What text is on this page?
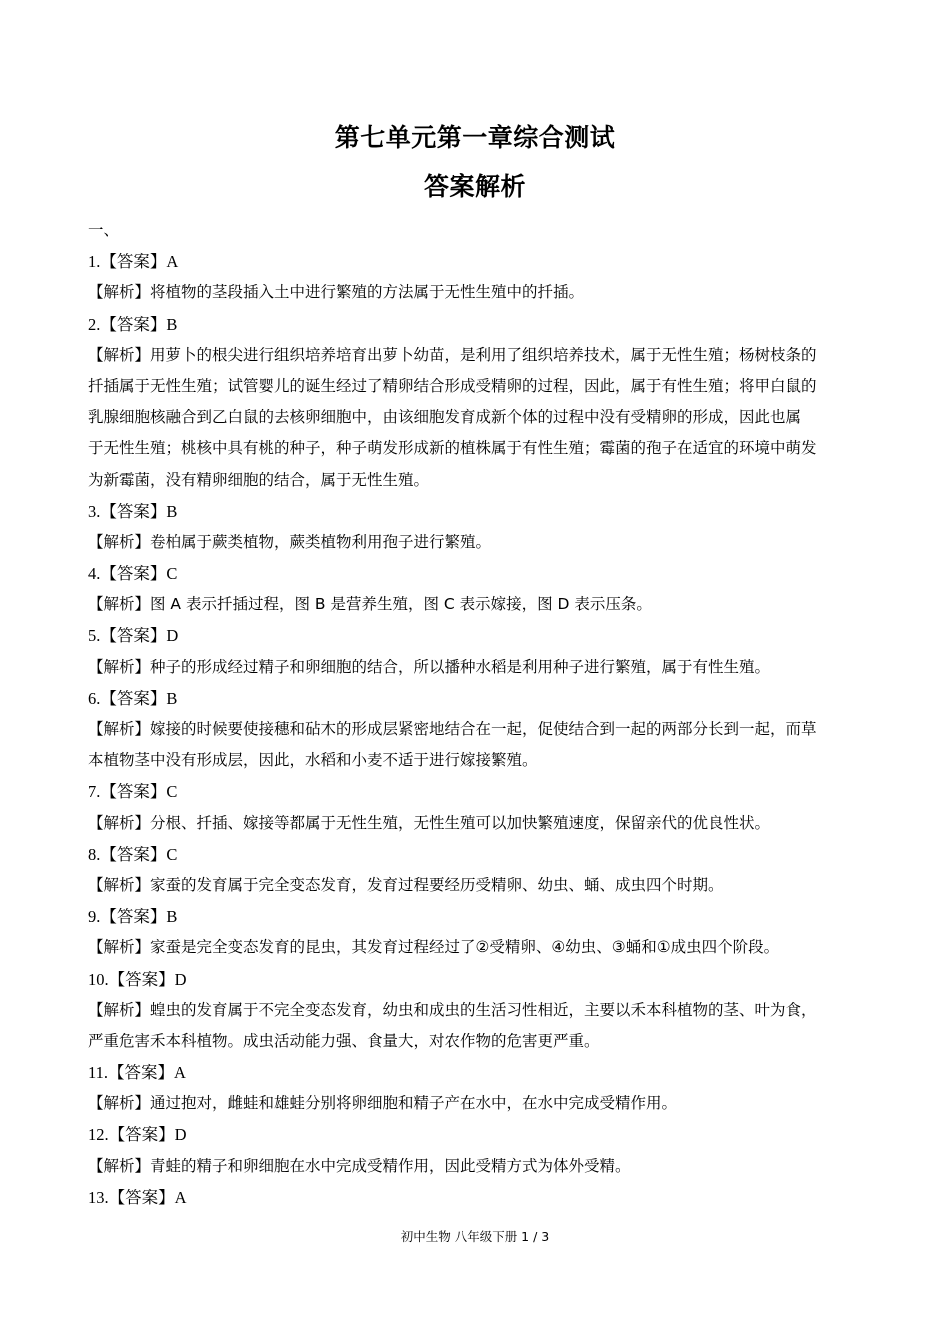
第七单元第一章综合测试
答案解析
一、
1.【答案】A
【解析】将植物的茎段插入土中进行繁殖的方法属于无性生殖中的扦插。
2.【答案】B
【解析】用萝卜的根尖进行组织培养培育出萝卜幼苗，是利用了组织培养技术，属于无性生殖；杨树枝条的
扦插属于无性生殖；试管婴儿的诞生经过了精卵结合形成受精卵的过程，因此，属于有性生殖；将甲白鼠的
乳腺细胞核融合到乙白鼠的去核卵细胞中，由该细胞发育成新个体的过程中没有受精卵的形成，因此也属
于无性生殖；桃核中具有桃的种子，种子萌发形成新的植株属于有性生殖；霉菌的孢子在适宜的环境中萌发
为新霉菌，没有精卵细胞的结合，属于无性生殖。
3.【答案】B
【解析】卷柏属于蕨类植物，蕨类植物利用孢子进行繁殖。
4.【答案】C
【解析】图 A 表示扦插过程，图 B 是营养生殖，图 C 表示嫁接，图 D 表示压条。
5.【答案】D
【解析】种子的形成经过精子和卵细胞的结合，所以播种水稻是利用种子进行繁殖，属于有性生殖。
6.【答案】B
【解析】嫁接的时候要使接穗和砧木的形成层紧密地结合在一起，促使结合到一起的两部分长到一起，而草
本植物茎中没有形成层，因此，水稻和小麦不适于进行嫁接繁殖。
7.【答案】C
【解析】分根、扦插、嫁接等都属于无性生殖，无性生殖可以加快繁殖速度，保留亲代的优良性状。
8.【答案】C
【解析】家蚕的发育属于完全变态发育，发育过程要经历受精卵、幼虫、蛹、成虫四个时期。
9.【答案】B
【解析】家蚕是完全变态发育的昆虫，其发育过程经过了②受精卵、④幼虫、③蛹和①成虫四个阶段。
10.【答案】D
【解析】蝗虫的发育属于不完全变态发育，幼虫和成虫的生活习性相近，主要以禾本科植物的茎、叶为食，
严重危害禾本科植物。成虫活动能力强、食量大，对农作物的危害更严重。
11.【答案】A
【解析】通过抱对，雌蛙和雄蛙分别将卵细胞和精子产在水中，在水中完成受精作用。
12.【答案】D
【解析】青蛙的精子和卵细胞在水中完成受精作用，因此受精方式为体外受精。
13.【答案】A
初中生物 八年级下册 1 / 3
